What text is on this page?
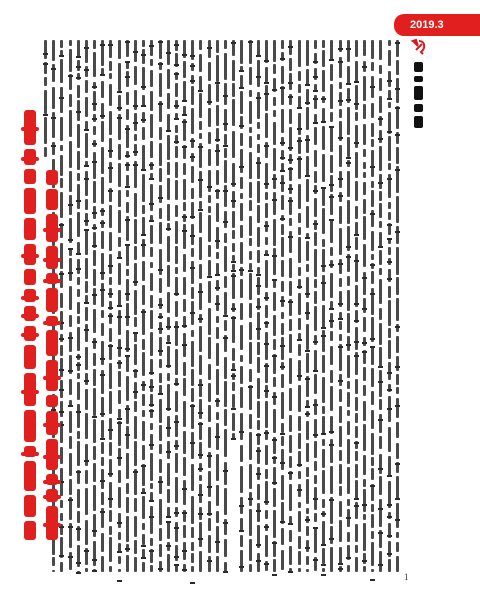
2019.3
1
